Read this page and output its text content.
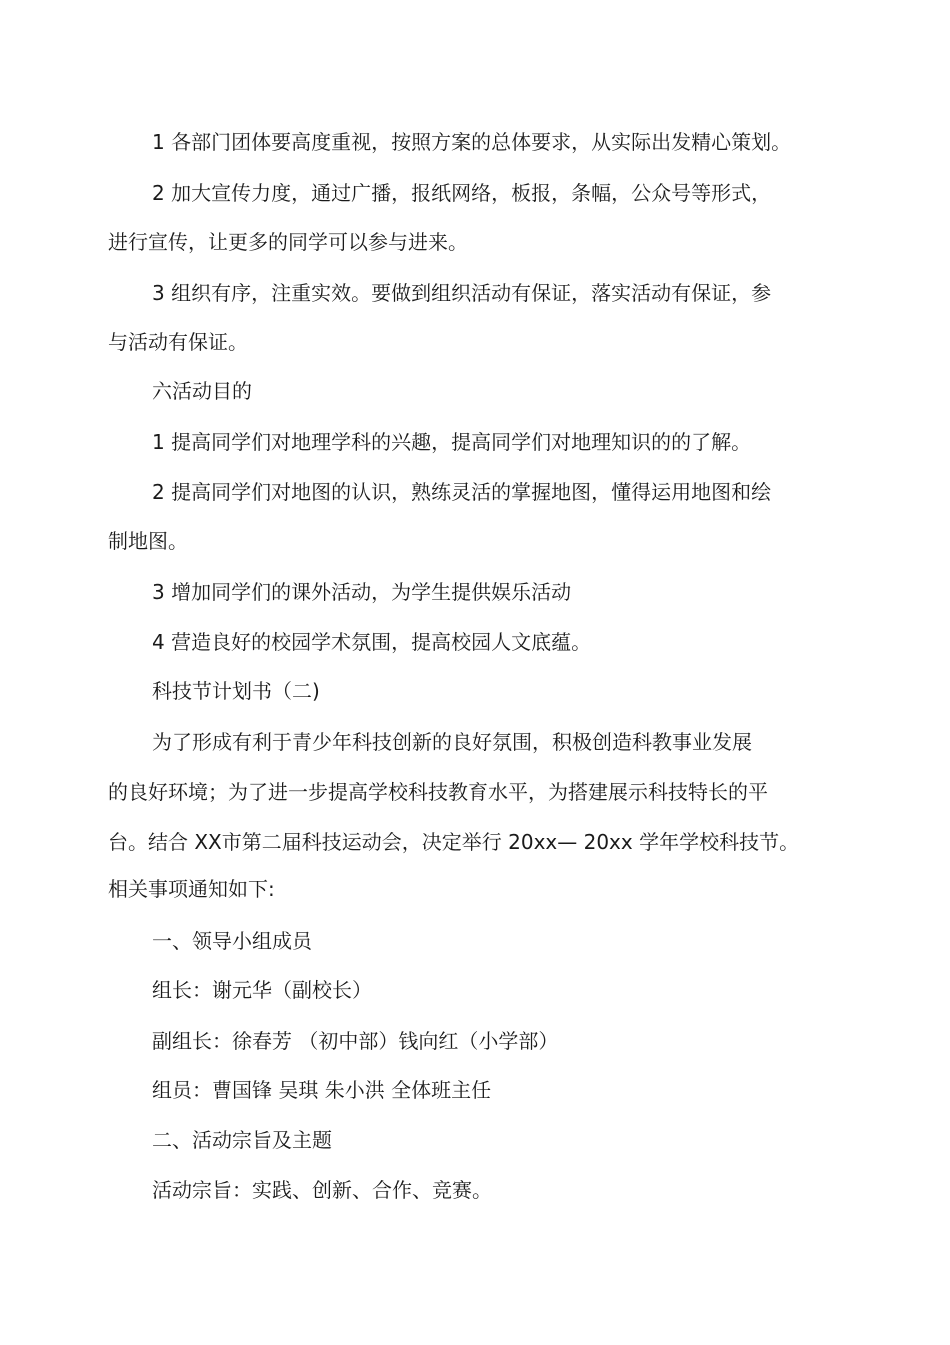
1 各部门团体要高度重视，按照方案的总体要求，从实际出发精心策划。
2 加大宣传力度，通过广播，报纸网络，板报，条幅，公众号等形式，
进行宣传，让更多的同学可以参与进来。
3 组织有序，注重实效。要做到组织活动有保证，落实活动有保证，参
与活动有保证。
六活动目的
1 提高同学们对地理学科的兴趣，提高同学们对地理知识的的了解。
2 提高同学们对地图的认识，熟练灵活的掌握地图，懂得运用地图和绘
制地图。
3 增加同学们的课外活动，为学生提供娱乐活动
4 营造良好的校园学术氛围，提高校园人文底蕴。
科技节计划书（二)
为了形成有利于青少年科技创新的良好氛围，积极创造科教事业发展
的良好环境；为了进一步提高学校科技教育水平，为搭建展示科技特长的平
台。结合 XX市第二届科技运动会，决定举行 20xx— 20xx 学年学校科技节。
相关事项通知如下:
一、领导小组成员
组长：谢元华（副校长）
副组长：徐春芳 （初中部）钱向红（小学部）
组员：曹国锋 吴琪 朱小洪 全体班主任
二、活动宗旨及主题
活动宗旨：实践、创新、合作、竞赛。
